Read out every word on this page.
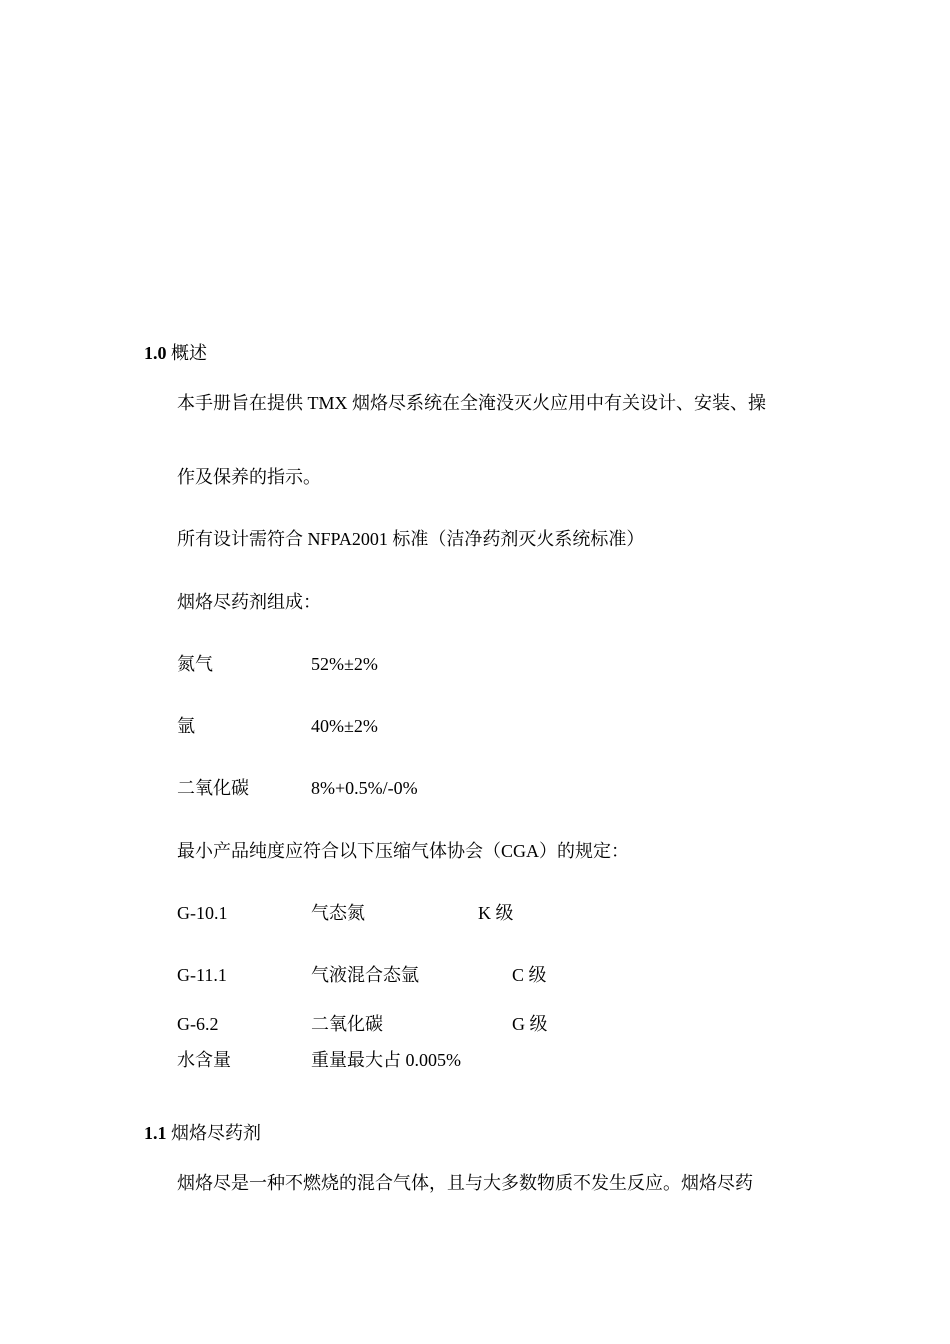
1.0 概述
本手册旨在提供 TMX 烟烙尽系统在全淹没灭火应用中有关设计、安装、操
作及保养的指示。
所有设计需符合 NFPA2001 标准（洁净药剂灭火系统标准）
烟烙尽药剂组成：
氮气	52%±2%
氩	40%±2%
二氧化碳	8%+0.5%/-0%
最小产品纯度应符合以下压缩气体协会（CGA）的规定：
G-10.1	气态氮	K 级
G-11.1	气液混合态氩	C 级
G-6.2	二氧化碳	G 级
水含量	重量最大占 0.005%
1.1 烟烙尽药剂
烟烙尽是一种不燃烧的混合气体，且与大多数物质不发生反应。烟烙尽药
